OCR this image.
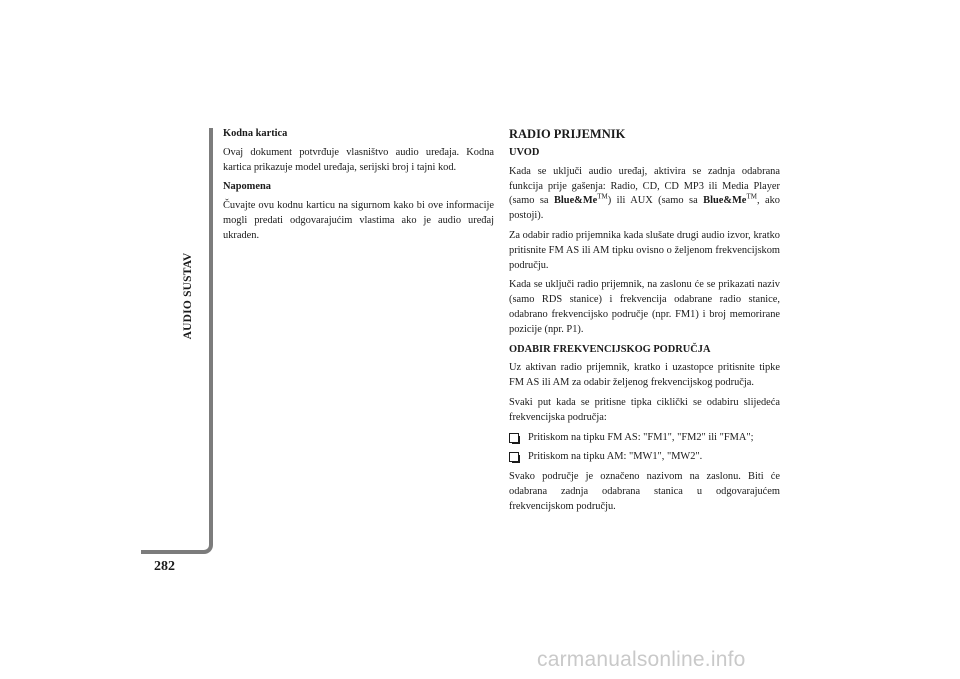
AUDIO SUSTAV
282

Kodna kartica

Ovaj dokument potvrđuje vlasništvo audio uređaja. Kodna kartica prikazuje model uređaja, serijski broj i tajni kod.

Napomena

Čuvajte ovu kodnu karticu na sigurnom kako bi ove informacije mogli predati odgovarajućim vlastima ako je audio uređaj ukraden.

RADIO PRIJEMNIK

UVOD

Kada se uključi audio uređaj, aktivira se zadnja odabrana funkcija prije gašenja: Radio, CD, CD MP3 ili Media Player (samo sa Blue&Me™) ili AUX (samo sa Blue&Me™, ako postoji).

Za odabir radio prijemnika kada slušate drugi audio izvor, kratko pritisnite FM AS ili AM tipku ovisno o željenom frekvencijskom području.

Kada se uključi radio prijemnik, na zaslonu će se prikazati naziv (samo RDS stanice) i frekvencija odabrane radio stanice, odabrano frekvencijsko područje (npr. FM1) i broj memorirane pozicije (npr. P1).

ODABIR FREKVENCIJSKOG PODRUČJA

Uz aktivan radio prijemnik, kratko i uzastopce pritisnite tipke FM AS ili AM za odabir željenog frekvencijskog područja.

Svaki put kada se pritisne tipka ciklički se odabiru slijedeća frekvencijska područja:

Pritiskom na tipku FM AS: "FM1", "FM2" ili "FMA";
Pritiskom na tipku AM: "MW1", "MW2".

Svako područje je označeno nazivom na zaslonu. Biti će odabrana zadnja odabrana stanica u odgovarajućem frekvencijskom području.

carmanualsonline.info
